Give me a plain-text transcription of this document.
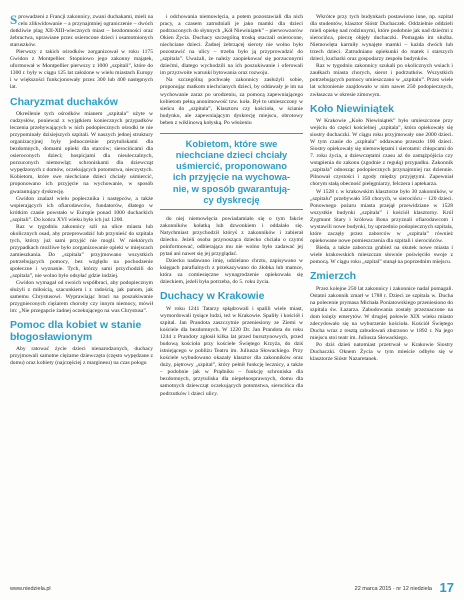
Sprowadzeni z Francji zakonnicy, zwani duchakami, mieli na celu zlikwidowanie – a przynajmniej ograniczenie – dwóch dotkliwie plag XII-XIII-wiecznych miast – bezdomności oraz żebractwa, uprawiane przez osierocone dzieci i osamotnionych staruszków.

Pierwszy z takich ośrodków zorganizował w roku 1175 Gwidon z Montpellier. Stopniowo jego zakonny majątek, uformował w Montpellier pierwszy z 1000 „szpitali”, które do 1300 r. były w ciągu 125 lat założone w wielu miastach Europy i w większości funkcjonowały przez 300 lub 400 następnych lat.

Charyzmat duchaków

Określenie tych ośrodków mianem „szpitala” użyte w cudzysłów, ponieważ z wyjątkiem koniecznych przypadków leczenia przebywających w nich podopiecznych ośrodki te nie przypominały dzisiejszych szpitali. W naszych jednej struktury organizacyjnej były jednocześnie przytuliskami dla bezdomnych, domami opieki dla starców; sierocińcami dla osieroconych dzieci; hospicjami dla nieuleczalnych, porzuconych niemowląt; schroniskami dla dziewcząt wypędzonych z domów, oczekujących potomstwa, nieczystych. Kobietom, które swe niechciane dzieci chciały uśmiercić, proponowano ich przyjęcie na wychowanie, w sposób gwarantujący dyskrecję.

Gwidon znalazł wielu poplecznika i następców, a także wspierających ich ofiarodawców, fundatorów, dlatego w krótkim czasie powstało w Europie ponad 1000 duchackich „szpitali”. Do końca XVI wieku było ich już 1200.

Raz w tygodniu zakonnicy szli na ulice miasta lub okolicznych osad, aby przeprowadzić lub przynieść do szpitala tych, którzy już sami przyjść nie mogli. W niektórych przypadkach możliwe było zorganizowanie opieki w miejscach zamieszkania. Do „szpitala” przyjmowano wszystkich potrzebujących pomocy, bez względu na pochodzenie społeczne i wyznanie. Tych, którzy sami przychodzili do „szpitala”, nie wolno było odsyłać gdzie indziej.

Gwidon wymagał od swoich współbraci, aby podopiecznym służyli z miłością, szacunkiem i z radością, jak panom, jak samemu Chrystusowi. Wyprawiając braci na poszukiwanie przygnieconych ciężarem choroby czy innym niemocy, mówił im: „Nie przegapcie żadnej oczekującego na was Chrystusa”.

Pomoc dla kobiet w stanie błogosławionym

Aby ratować życie dzieci nienarodzonych, duchacy przyjmowali samotne ciężarne dziewczęta (często wypędzane z domu) oraz kobiety (najczęściej z marginesu) na czas połogu

i odchowania niemowlęcia, a potem pozostawiali dla nich pracy, a czasem zatrudniali je jako mamki dla dzieci podrzuconych do słynnych „Kół Niewiniątek” – pierwowzorów Okien Życia. Duchacy szczególną troską otaczali osierocone, niechciane dzieci. Żadnej żebrzącej sieroty nie wolno było pozostawić na ulicy – trzeba było ją przyprowadzić do „szpitala”. Uważali, że należy zaopiekować się porzuconymi dziećmi, dlatego wychodzili na ich poszukiwanie i oferowali im przyzwoite warunki bytowania oraz rozwoju.

Na szczególną pochwałę zakonnicy zasłużyli sobie, proponując matkom niechcianych dzieci, by oddawały je im na wychowanie zaraz po urodzeniu, za pomocą zapewniającego kobietom pełną anonimowość tzw. koła. Był to umieszczony w sieńcu do „szpitala”, Klasztoru czy kościoła, w ścianie budynku, ale zapewniającym dyskrecję miejscu, obrotowy beben z wiklinową kołyską. Po włożeniu

Kobietom, które swe
niechciane dzieci chciały
uśmiercić, proponowano
ich przyjęcie na wychowa-
nie, w sposób gwarantują-
cy dyskrecję

do niej niemowlęcia powiadamiało się o tym fakcie zakonników kołatką lub dzwonkiem i oddalało się. Natychmiast przychodził któryś z zakonników i zabierał dziecko. Jeżeli osoba przynosząca dziecko chciała o czymś poinformować, odbierająca mu nie wolno było zadawać jej pytań ani nawet się jej przyglądać.

Dziecku nadawano imię, udzielano chrztu, zapisywano w księgach parafialnych z przekazywano do żłobka lub mamce, która za comiesięczne wynagrodzenie opiekowała się dzieckiem, jeżeli była potrzeba, do 5. roku życia.

Duchacy w Krakowie

W roku 1241 Tatarzy spłądrowali i spalili wiele miast, wymordowali tysiące ludzi, też w Krakowie. Spaliły i kościół i szpital. Jan Prandota zaszczytnie przeniesiony ze Ziemi w kościele dla bezdomnych. W 1220 Dr. Jan Prandota do roku 1244 z Prandoty zgłosił kilka lat przed bursztynowych, przed budową kościoła przy kościele Świętego Krzyża, do dziś istniejącego w pobliżu Teatru im. Juliusza Słowackiego. Przy kościele wybudowano okazały klasztor dla zakonników oraz duży, piętrowy „szpital”, który pełnił funkcję lecznicy, a także – podobnie jak w Prądniku – funkcję schroniska dla bezdomnych, przytuliska dla niepełnosprawnych, domu dla samotnych dziewcząt oczekujących potomstwa, sierocińca dla podrzutków i dzieci ulicy.

Wkrótce przy tych budynkach postawiono inne, np. szpital dla studentów, klasztor Sióstr Duchaczek. Oddzielnie oddzieli mieli opiekę nad rodzinnymi, które podobnie jak nad dziećmi z sierocińca, pieczę objęły duchaczki. Pomagała im służba. Niemowlęta karmiły wynajęte mamki – każda dwóch lub trzech dzieci. Zatrudniano opiekunki do matek i starszych dzieci, kucharki oraz gospodarzy zespołu budynków.

Raz w tygodniu zakonnicy szukali po okolicznych wsiach i zaułkach miasta chorych, sierot i podrzutków. Wszystkich potrzebujących pomocy umieszczano w „szpitalu”. Przez wiele lat schronienie znajdowało w nim nawet 250 podopiecznych, zwłaszcza w okresie zimowym.

Koło Niewiniątek

W Krakowie „Koło Niewiniątek” było umieszczone przy wejściu do części kościelnej „szpitala”, która opiekowały się siostry duchaczki. W ciągu roku przyjmowały one 2000 dzieci. W tym czasie do „szpitala” oddawano przeszło 100 dzieci. Siostry opiekowały się niemowlętami i sierotami: chłopcami do 7. roku życia, a dziewczętami czasu aż do zamążpójścia czy wstąpienia do zakonu (zgodnie z regułą) przypadku. Zakonnik „szpitala” odnosząc podopiecznych przynajmniej raz dziennie. Pilnował czystości i zgody między przyjętymi. Zapewniał chorym stałą obecność pielęgniarzy, felczera i aptekarza.

W 1528 r. w krakowskim klasztorze było 30 zakonników, w „szpitalu” przebywało 350 chorych, w sierocińcu – 120 dzieci. Ponownego pożaru miasta przejął przewidziane w 1528 wszystkie budynki „szpitala” i kościół klasztorny. Król Zygmunt Stary i królowa Bona przyznali ofiarodawcom i wystawili nowe budynki, by uprzednio podopiecznych szpitala, które zaczęły przez zaborców w „szpitala” również opiekowane nowe pomieszczenia dla szpitali i sierocińców.

Bieda, a także zaborcza grabież na skutek nowe miasta i wiele krakowskich mieszczan słownie poświęciło swoje z pomocą. W ciągu roku „szpital” stanął na poprzednim miejscu.

Zmierzch

Przez kolejne 250 lat zakonnicy i zakonnice nadal pomagali. Ostatni zakonnik zmarł w 1788 r. Dzieci ze szpitala w. Ducha na polecenie prymasa Michała Poniatowskiego przeniesiono do szpitala św. Łazarza. Zabudowania zostały przeznaczone na dom księży emerytów. W drugiej połowie XIX wieku miasto zdecydowało się na wyburzenie kościoła. Kościół Świętego Ducha wraz z resztą zabudowań zburzono w 1892 r. Na jego miejscu stoi teatr im. Juliusza Słowackiego.

Po dziś dzień natomiast przetrwał w Krakowie Siostry Duchaczki. Oknem Życia w tym mieście odbyło się w klasztorze Sióstr Nazaretanek.

www.niedziela.pl	22 marca 2015 · nr 12 niedziela 17
